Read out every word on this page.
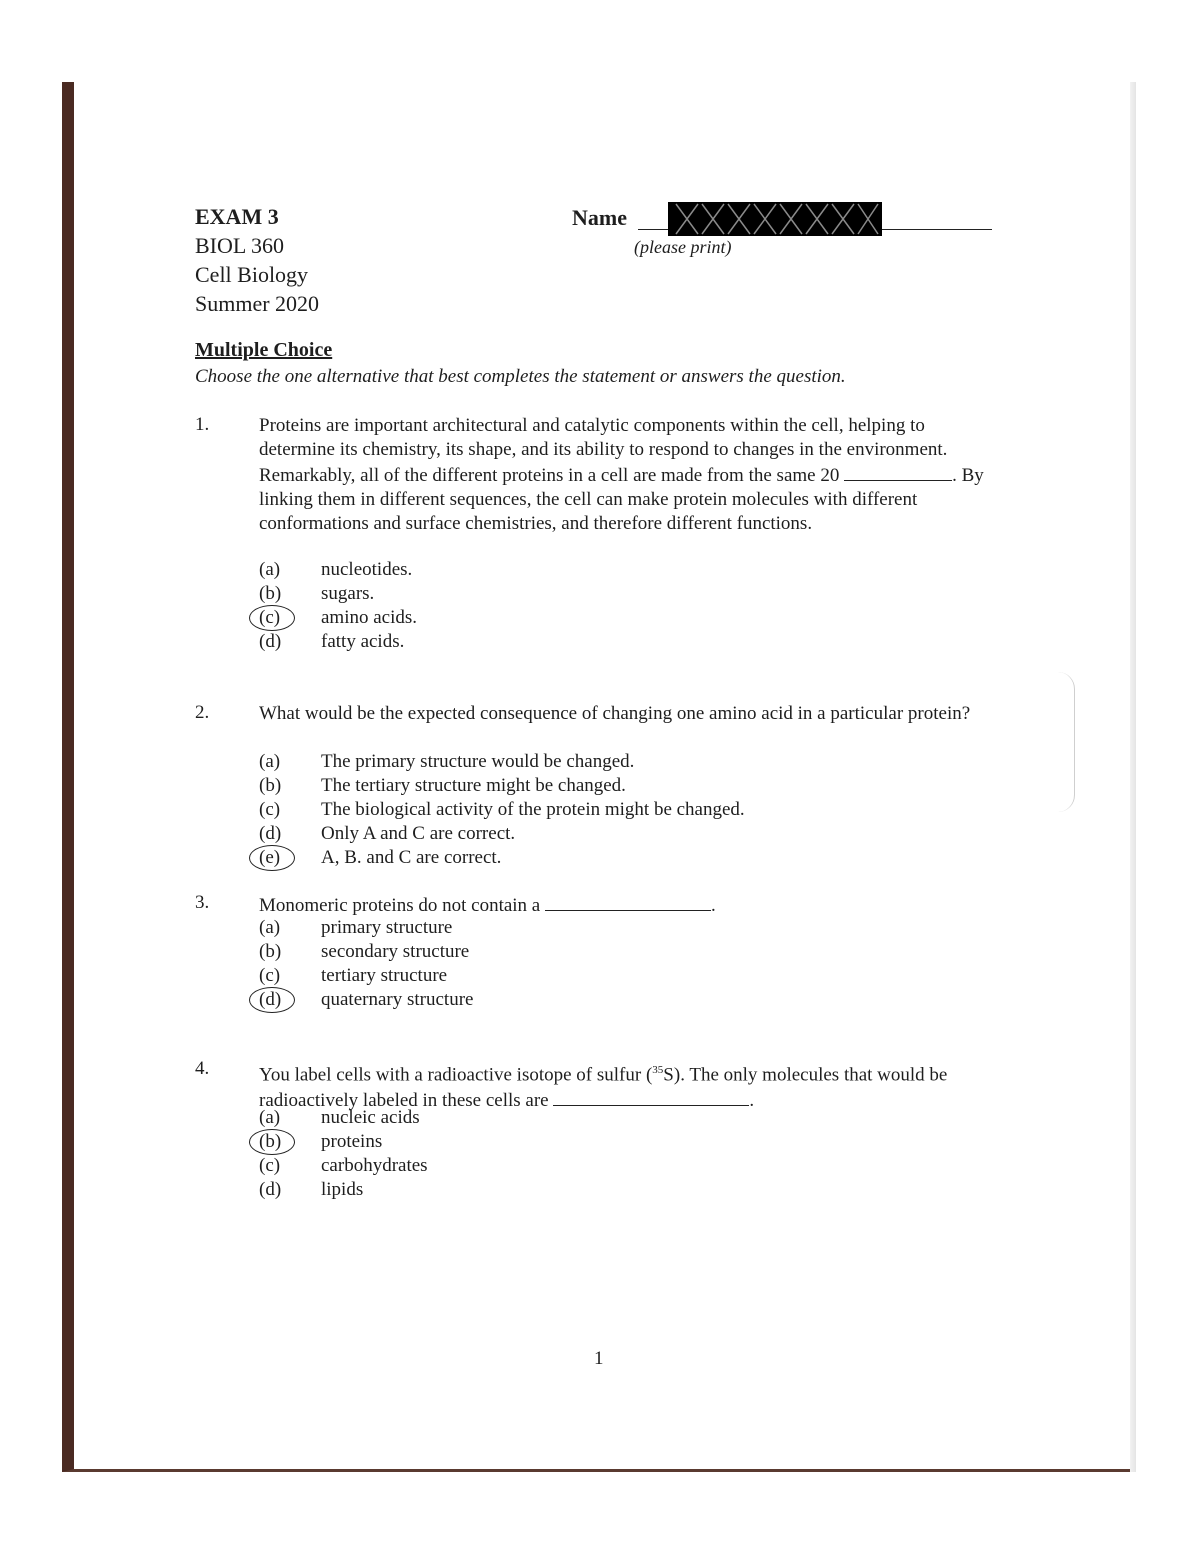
EXAM 3
BIOL 360
Cell Biology
Summer 2020
Name
(please print)
Multiple Choice
Choose the one alternative that best completes the statement or answers the question.
1.	Proteins are important architectural and catalytic components within the cell, helping to determine its chemistry, its shape, and its ability to respond to changes in the environment. Remarkably, all of the different proteins in a cell are made from the same 20	. By linking them in different sequences, the cell can make protein molecules with different conformations and surface chemistries, and therefore different functions.
(a) nucleotides.
(b) sugars.
(c) amino acids.
(d) fatty acids.
2.	What would be the expected consequence of changing one amino acid in a particular protein?
(a) The primary structure would be changed.
(b) The tertiary structure might be changed.
(c) The biological activity of the protein might be changed.
(d) Only A and C are correct.
(e) A, B. and C are correct.
3.	Monomeric proteins do not contain a	.
(a) primary structure
(b) secondary structure
(c) tertiary structure
(d) quaternary structure
4.	You label cells with a radioactive isotope of sulfur ($^{35}$S). The only molecules that would be radioactively labeled in these cells are	.
(a) nucleic acids
(b) proteins
(c) carbohydrates
(d) lipids
1
